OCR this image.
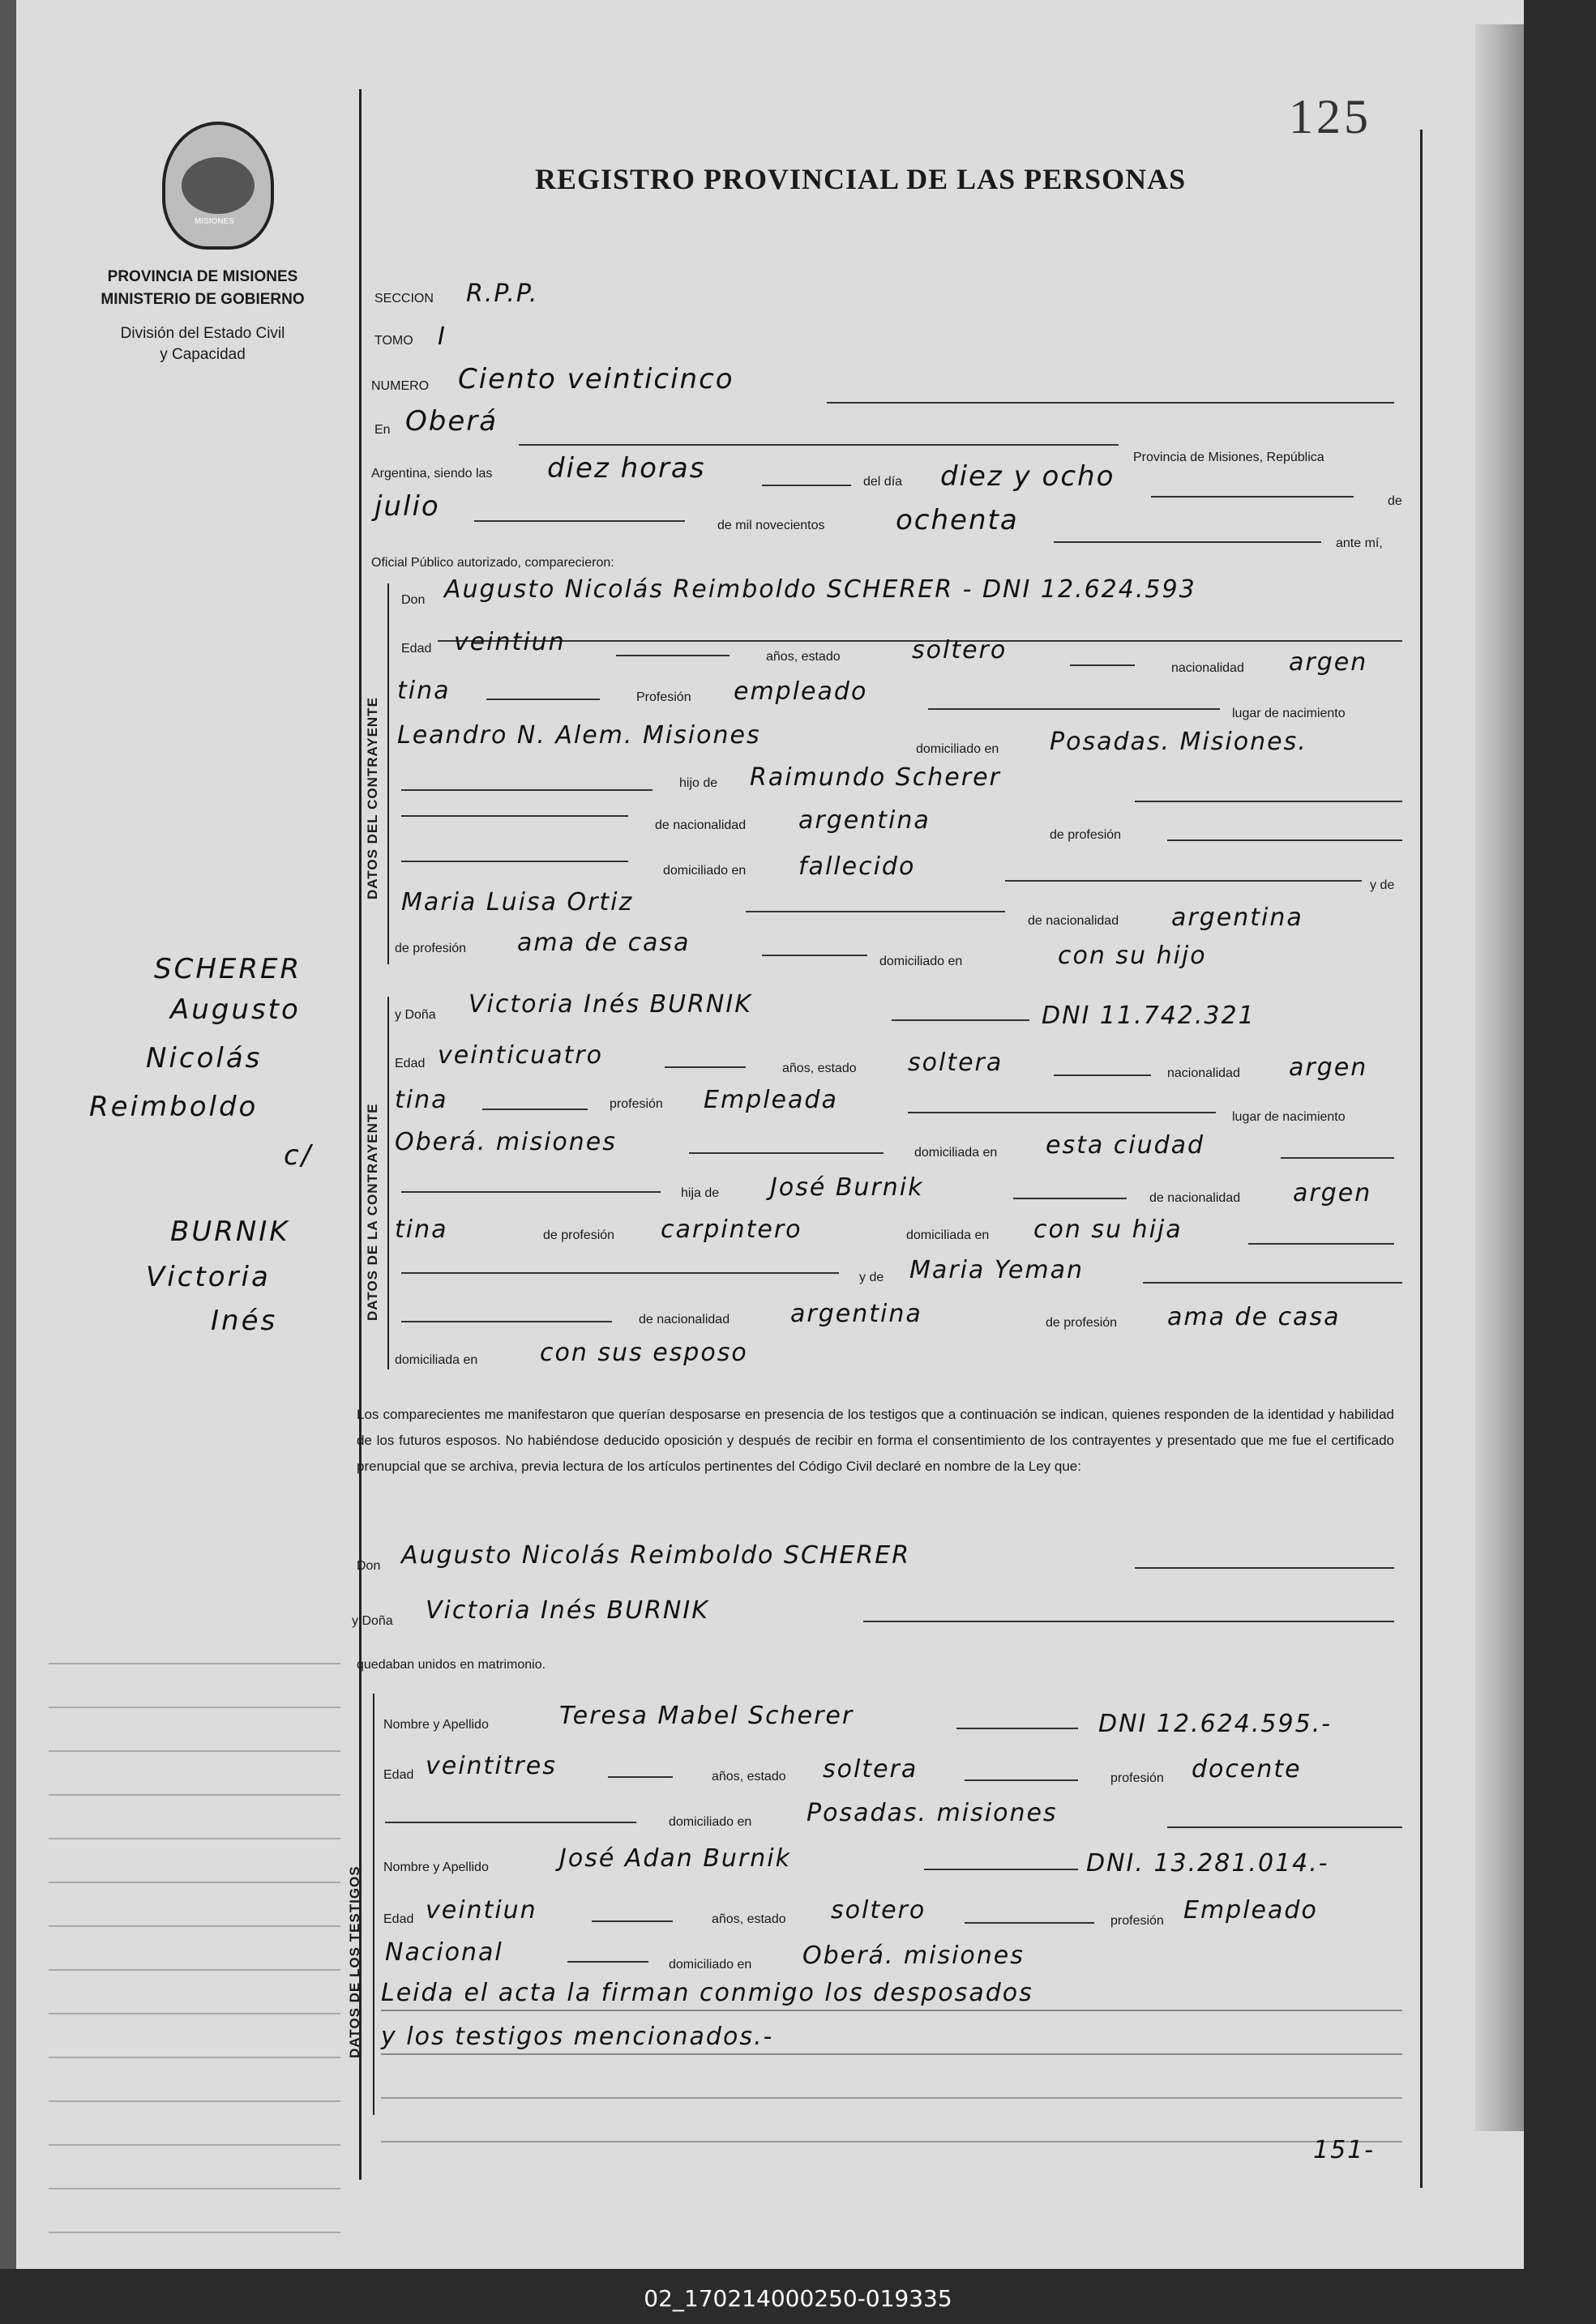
MISIONES
PROVINCIA DE MISIONES
MINISTERIO DE GOBIERNO
División del Estado Civil
y Capacidad
125
REGISTRO PROVINCIAL DE LAS PERSONAS
SECCION R.P.P.
TOMO I
NUMERO Ciento veinticinco
En Oberá
Provincia de Misiones, República
Argentina, siendo las diez horas	del día diez y ocho
de
julio
de mil novecientos	ochenta
ante mí,
Oficial Público autorizado, comparecieron:
DATOS DEL CONTRAYENTE
Don Augusto Nicolás Reimboldo SCHERER - DNI 12.624.593
Edad veintiun
años, estado	soltero
nacionalidad argen
tina	Profesión empleado
lugar de nacimiento
Leandro N. Alem. Misiones	domiciliado en Posadas. Misiones.
hijo de Raimundo Scherer
de nacionalidad argentina
de profesión
domiciliado en fallecido
y de
Maria Luisa Ortiz
de nacionalidad argentina
de profesión ama de casa
domiciliado en	con su hijo
DATOS DE LA CONTRAYENTE
y Doña Victoria Inés BURNIK	DNI 11.742.321
Edad veinticuatro	años, estado soltera	nacionalidad argen
tina	profesión Empleada
lugar de nacimiento
Oberá. misiones	domiciliada en esta ciudad
hija de José Burnik	de nacionalidad argen
tina	de profesión carpintero	domiciliada en con su hija
y de Maria Yeman
de nacionalidad argentina	de profesión ama de casa
domiciliada en	con sus esposo
Los comparecientes me manifestaron que querían desposarse en presencia de los testigos que a continuación se indican, quienes responden de la identidad y habilidad de los futuros esposos. No habiéndose deducido oposición y después de recibir en forma el consentimiento de los contrayentes y presentado que me fue el certificado prenupcial que se archiva, previa lectura de los artículos pertinentes del Código Civil declaré en nombre de la Ley que:
Don Augusto Nicolás Reimboldo SCHERER
y Doña Victoria Inés BURNIK
quedaban unidos en matrimonio.
DATOS DE LOS TESTIGOS
Nombre y Apellido	Teresa Mabel Scherer	DNI 12.624.595.-
Edad veintitres	años, estado soltera	profesión docente
domiciliado en Posadas. misiones
Nombre y Apellido	José Adan Burnik	DNI. 13.281.014.-
Edad veintiun	años, estado soltero	profesión Empleado
Nacional	domiciliado en Oberá. misiones
Leida el acta la firman conmigo los desposados
y los testigos mencionados.-
151-
SCHERER
Augusto
Nicolás
Reimboldo
c/
BURNIK
Victoria
Inés
02_170214000250-019335
